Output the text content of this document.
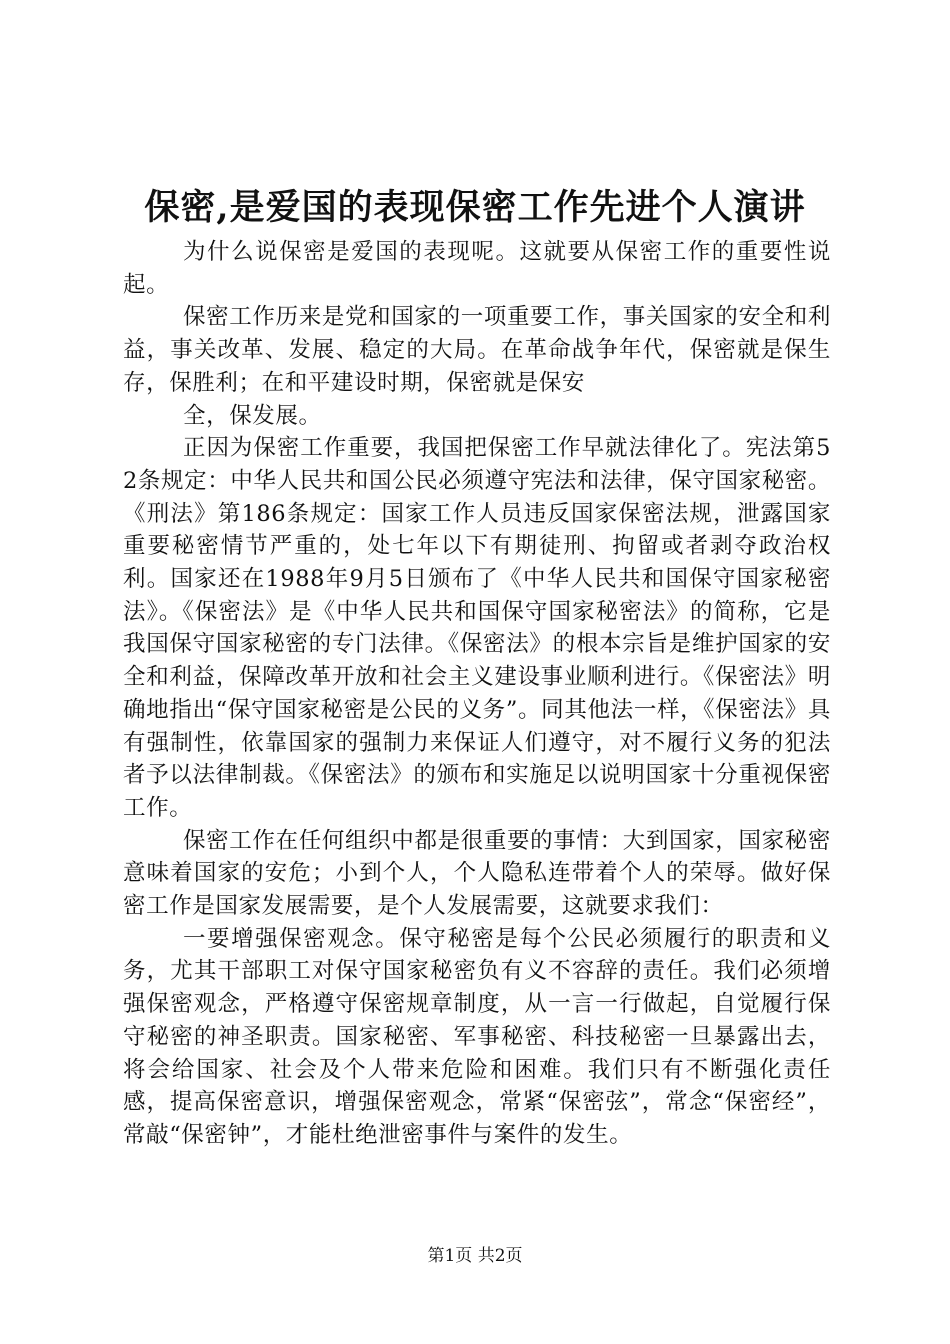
保密,是爱国的表现保密工作先进个人演讲

为什么说保密是爱国的表现呢。这就要从保密工作的重要性说起。

保密工作历来是党和国家的一项重要工作，事关国家的安全和利益，事关改革、发展、稳定的大局。在革命战争年代，保密就是保生存，保胜利；在和平建设时期，保密就是保安

全，保发展。

正因为保密工作重要，我国把保密工作早就法律化了。宪法第52条规定：中华人民共和国公民必须遵守宪法和法律，保守国家秘密。《刑法》第186条规定：国家工作人员违反国家保密法规，泄露国家重要秘密情节严重的，处七年以下有期徒刑、拘留或者剥夺政治权利。国家还在1988年9月5日颁布了《中华人民共和国保守国家秘密法》。《保密法》是《中华人民共和国保守国家秘密法》的简称，它是我国保守国家秘密的专门法律。《保密法》的根本宗旨是维护国家的安全和利益，保障改革开放和社会主义建设事业顺利进行。《保密法》明确地指出“保守国家秘密是公民的义务”。同其他法一样，《保密法》具有强制性，依靠国家的强制力来保证人们遵守，对不履行义务的犯法者予以法律制裁。《保密法》的颁布和实施足以说明国家十分重视保密工作。

保密工作在任何组织中都是很重要的事情：大到国家，国家秘密意味着国家的安危；小到个人，个人隐私连带着个人的荣辱。做好保密工作是国家发展需要，是个人发展需要，这就要求我们：

一要增强保密观念。保守秘密是每个公民必须履行的职责和义务，尤其干部职工对保守国家秘密负有义不容辞的责任。我们必须增强保密观念，严格遵守保密规章制度，从一言一行做起，自觉履行保守秘密的神圣职责。国家秘密、军事秘密、科技秘密一旦暴露出去，将会给国家、社会及个人带来危险和困难。我们只有不断强化责任感，提高保密意识，增强保密观念，常紧“保密弦”，常念“保密经”，常敲“保密钟”，才能杜绝泄密事件与案件的发生。

第1页 共2页
